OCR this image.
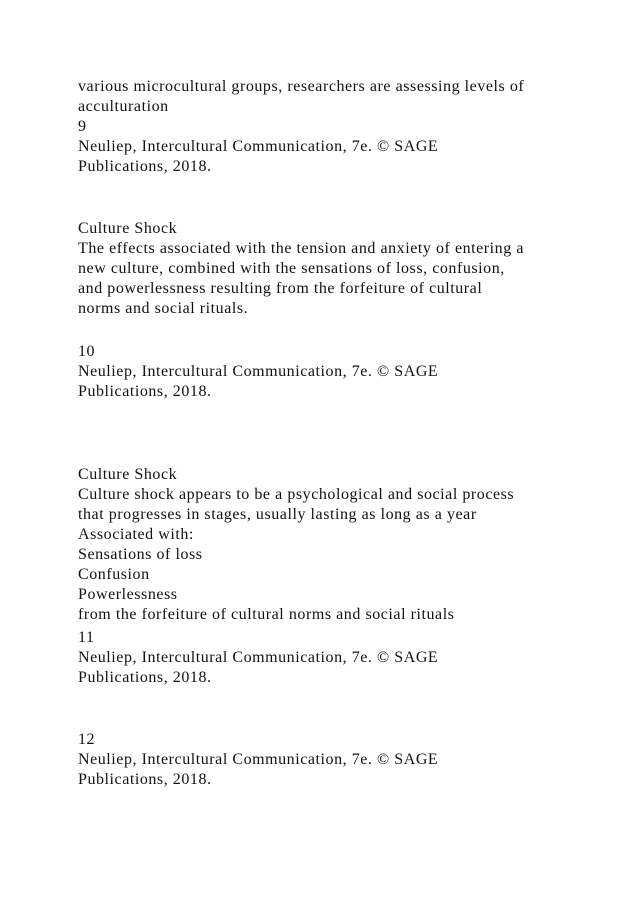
various microcultural groups, researchers are assessing levels of
acculturation
9
Neuliep, Intercultural Communication, 7e. © SAGE
Publications, 2018.
Culture Shock
The effects associated with the tension and anxiety of entering a
new culture, combined with the sensations of loss, confusion,
and powerlessness resulting from the forfeiture of cultural
norms and social rituals.
10
Neuliep, Intercultural Communication, 7e. © SAGE
Publications, 2018.
Culture Shock
Culture shock appears to be a psychological and social process
that progresses in stages, usually lasting as long as a year
Associated with:
Sensations of loss
Confusion
Powerlessness
from the forfeiture of cultural norms and social rituals
11
Neuliep, Intercultural Communication, 7e. © SAGE
Publications, 2018.
12
Neuliep, Intercultural Communication, 7e. © SAGE
Publications, 2018.
